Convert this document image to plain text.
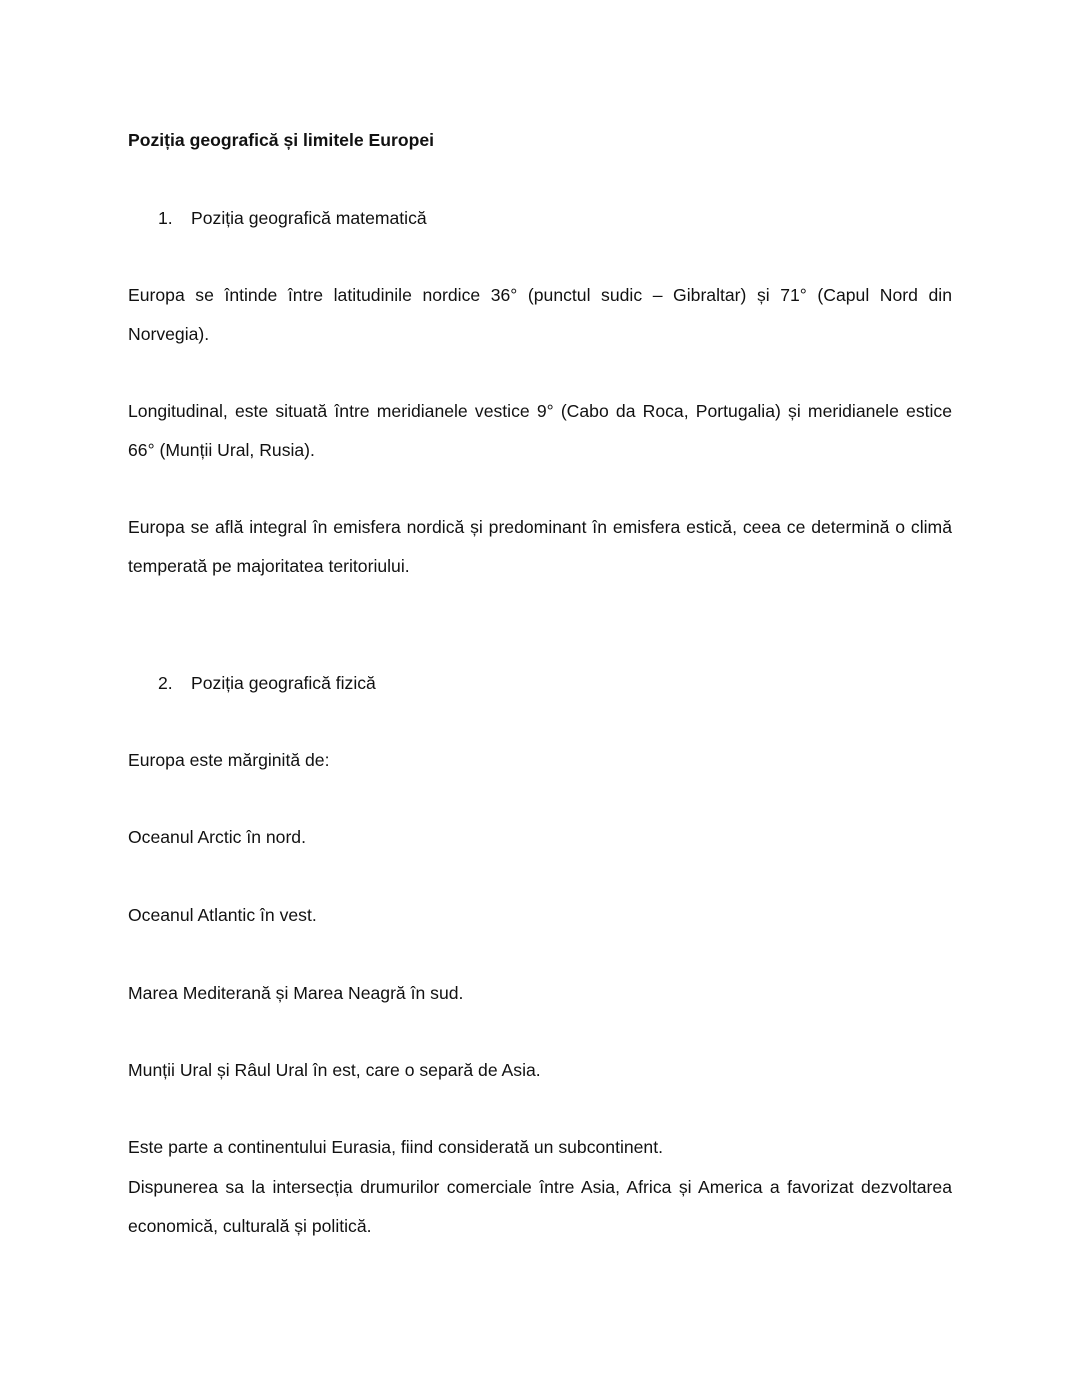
Poziția geografică și limitele Europei
1. Poziția geografică matematică

Europa se întinde între latitudinile nordice 36° (punctul sudic – Gibraltar) și 71° (Capul Nord din Norvegia).

Longitudinal, este situată între meridianele vestice 9° (Cabo da Roca, Portugalia) și meridianele estice 66° (Munții Ural, Rusia).

Europa se află integral în emisfera nordică și predominant în emisfera estică, ceea ce determină o climă temperată pe majoritatea teritoriului.

2. Poziția geografică fizică

Europa este mărginită de:

Oceanul Arctic în nord.

Oceanul Atlantic în vest.

Marea Mediterană și Marea Neagră în sud.

Munții Ural și Râul Ural în est, care o separă de Asia.

Este parte a continentului Eurasia, fiind considerată un subcontinent.

Dispunerea sa la intersecția drumurilor comerciale între Asia, Africa și America a favorizat dezvoltarea economică, culturală și politică.
